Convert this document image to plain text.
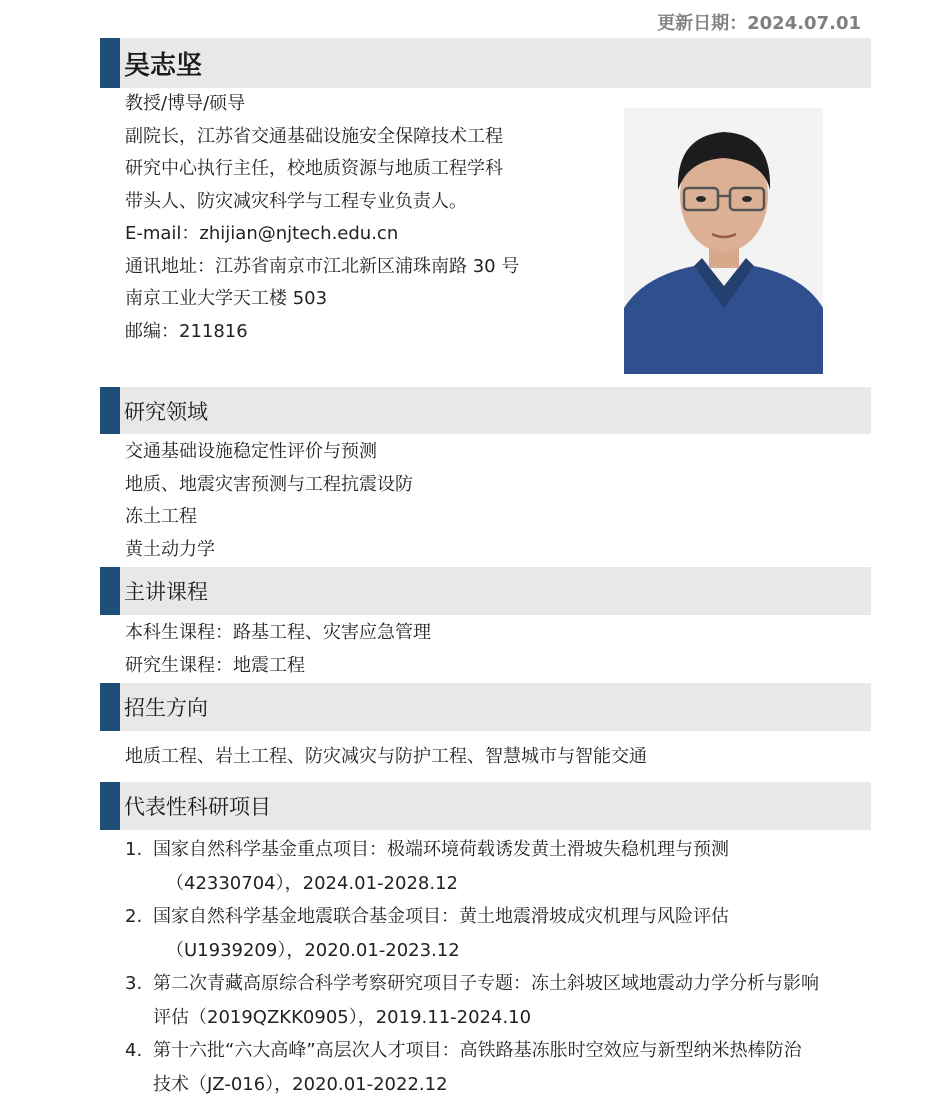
更新日期：2024.07.01
吴志坚
教授/博导/硕导
副院长，江苏省交通基础设施安全保障技术工程
研究中心执行主任，校地质资源与地质工程学科
带头人、防灾减灾科学与工程专业负责人。
E-mail：zhijian@njtech.edu.cn
通讯地址：江苏省南京市江北新区浦珠南路 30 号
南京工业大学天工楼 503
邮编：211816
研究领域
交通基础设施稳定性评价与预测
地质、地震灾害预测与工程抗震设防
冻土工程
黄土动力学
主讲课程
本科生课程：路基工程、灾害应急管理
研究生课程：地震工程
招生方向
地质工程、岩土工程、防灾减灾与防护工程、智慧城市与智能交通
代表性科研项目
1. 国家自然科学基金重点项目：极端环境荷载诱发黄土滑坡失稳机理与预测
（42330704），2024.01-2028.12
2. 国家自然科学基金地震联合基金项目：黄土地震滑坡成灾机理与风险评估
（U1939209），2020.01-2023.12
3. 第二次青藏高原综合科学考察研究项目子专题：冻土斜坡区域地震动力学分析与影响
评估（2019QZKK0905），2019.11-2024.10
4. 第十六批“六大高峰”高层次人才项目：高铁路基冻胀时空效应与新型纳米热棒防治
技术（JZ-016），2020.01-2022.12
